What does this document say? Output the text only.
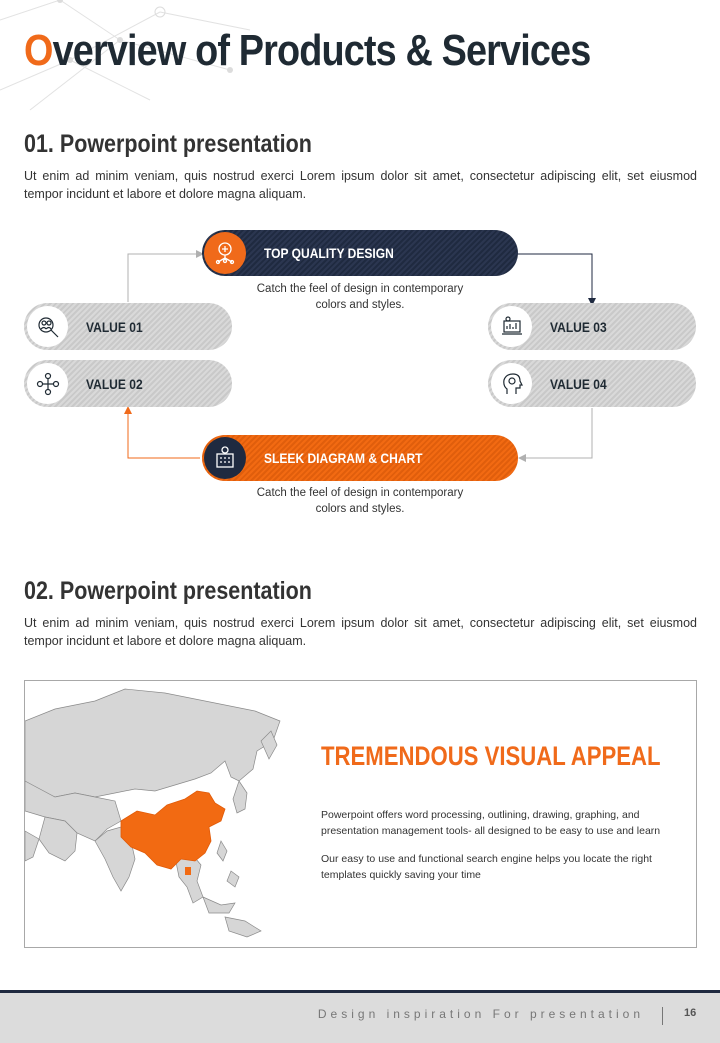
Overview of Products & Services
01. Powerpoint presentation
Ut enim ad minim veniam, quis nostrud exerci Lorem ipsum dolor sit amet, consectetur adipiscing elit, set eiusmod tempor incidunt et labore et dolore magna aliquam.
TOP QUALITY DESIGN
Catch the feel of design in contemporary colors and styles.
VALUE 01
VALUE 02
VALUE 03
VALUE 04
SLEEK DIAGRAM & CHART
Catch the feel of design in contemporary colors and styles.
02. Powerpoint presentation
Ut enim ad minim veniam, quis nostrud exerci Lorem ipsum dolor sit amet, consectetur adipiscing elit, set eiusmod tempor incidunt et labore et dolore magna aliquam.
TREMENDOUS VISUAL APPEAL
Powerpoint offers word processing, outlining, drawing, graphing, and presentation management tools- all designed to be easy to use and learn
Our easy to use and functional search engine helps you locate the right templates quickly saving your time
Design inspiration For presentation	16
